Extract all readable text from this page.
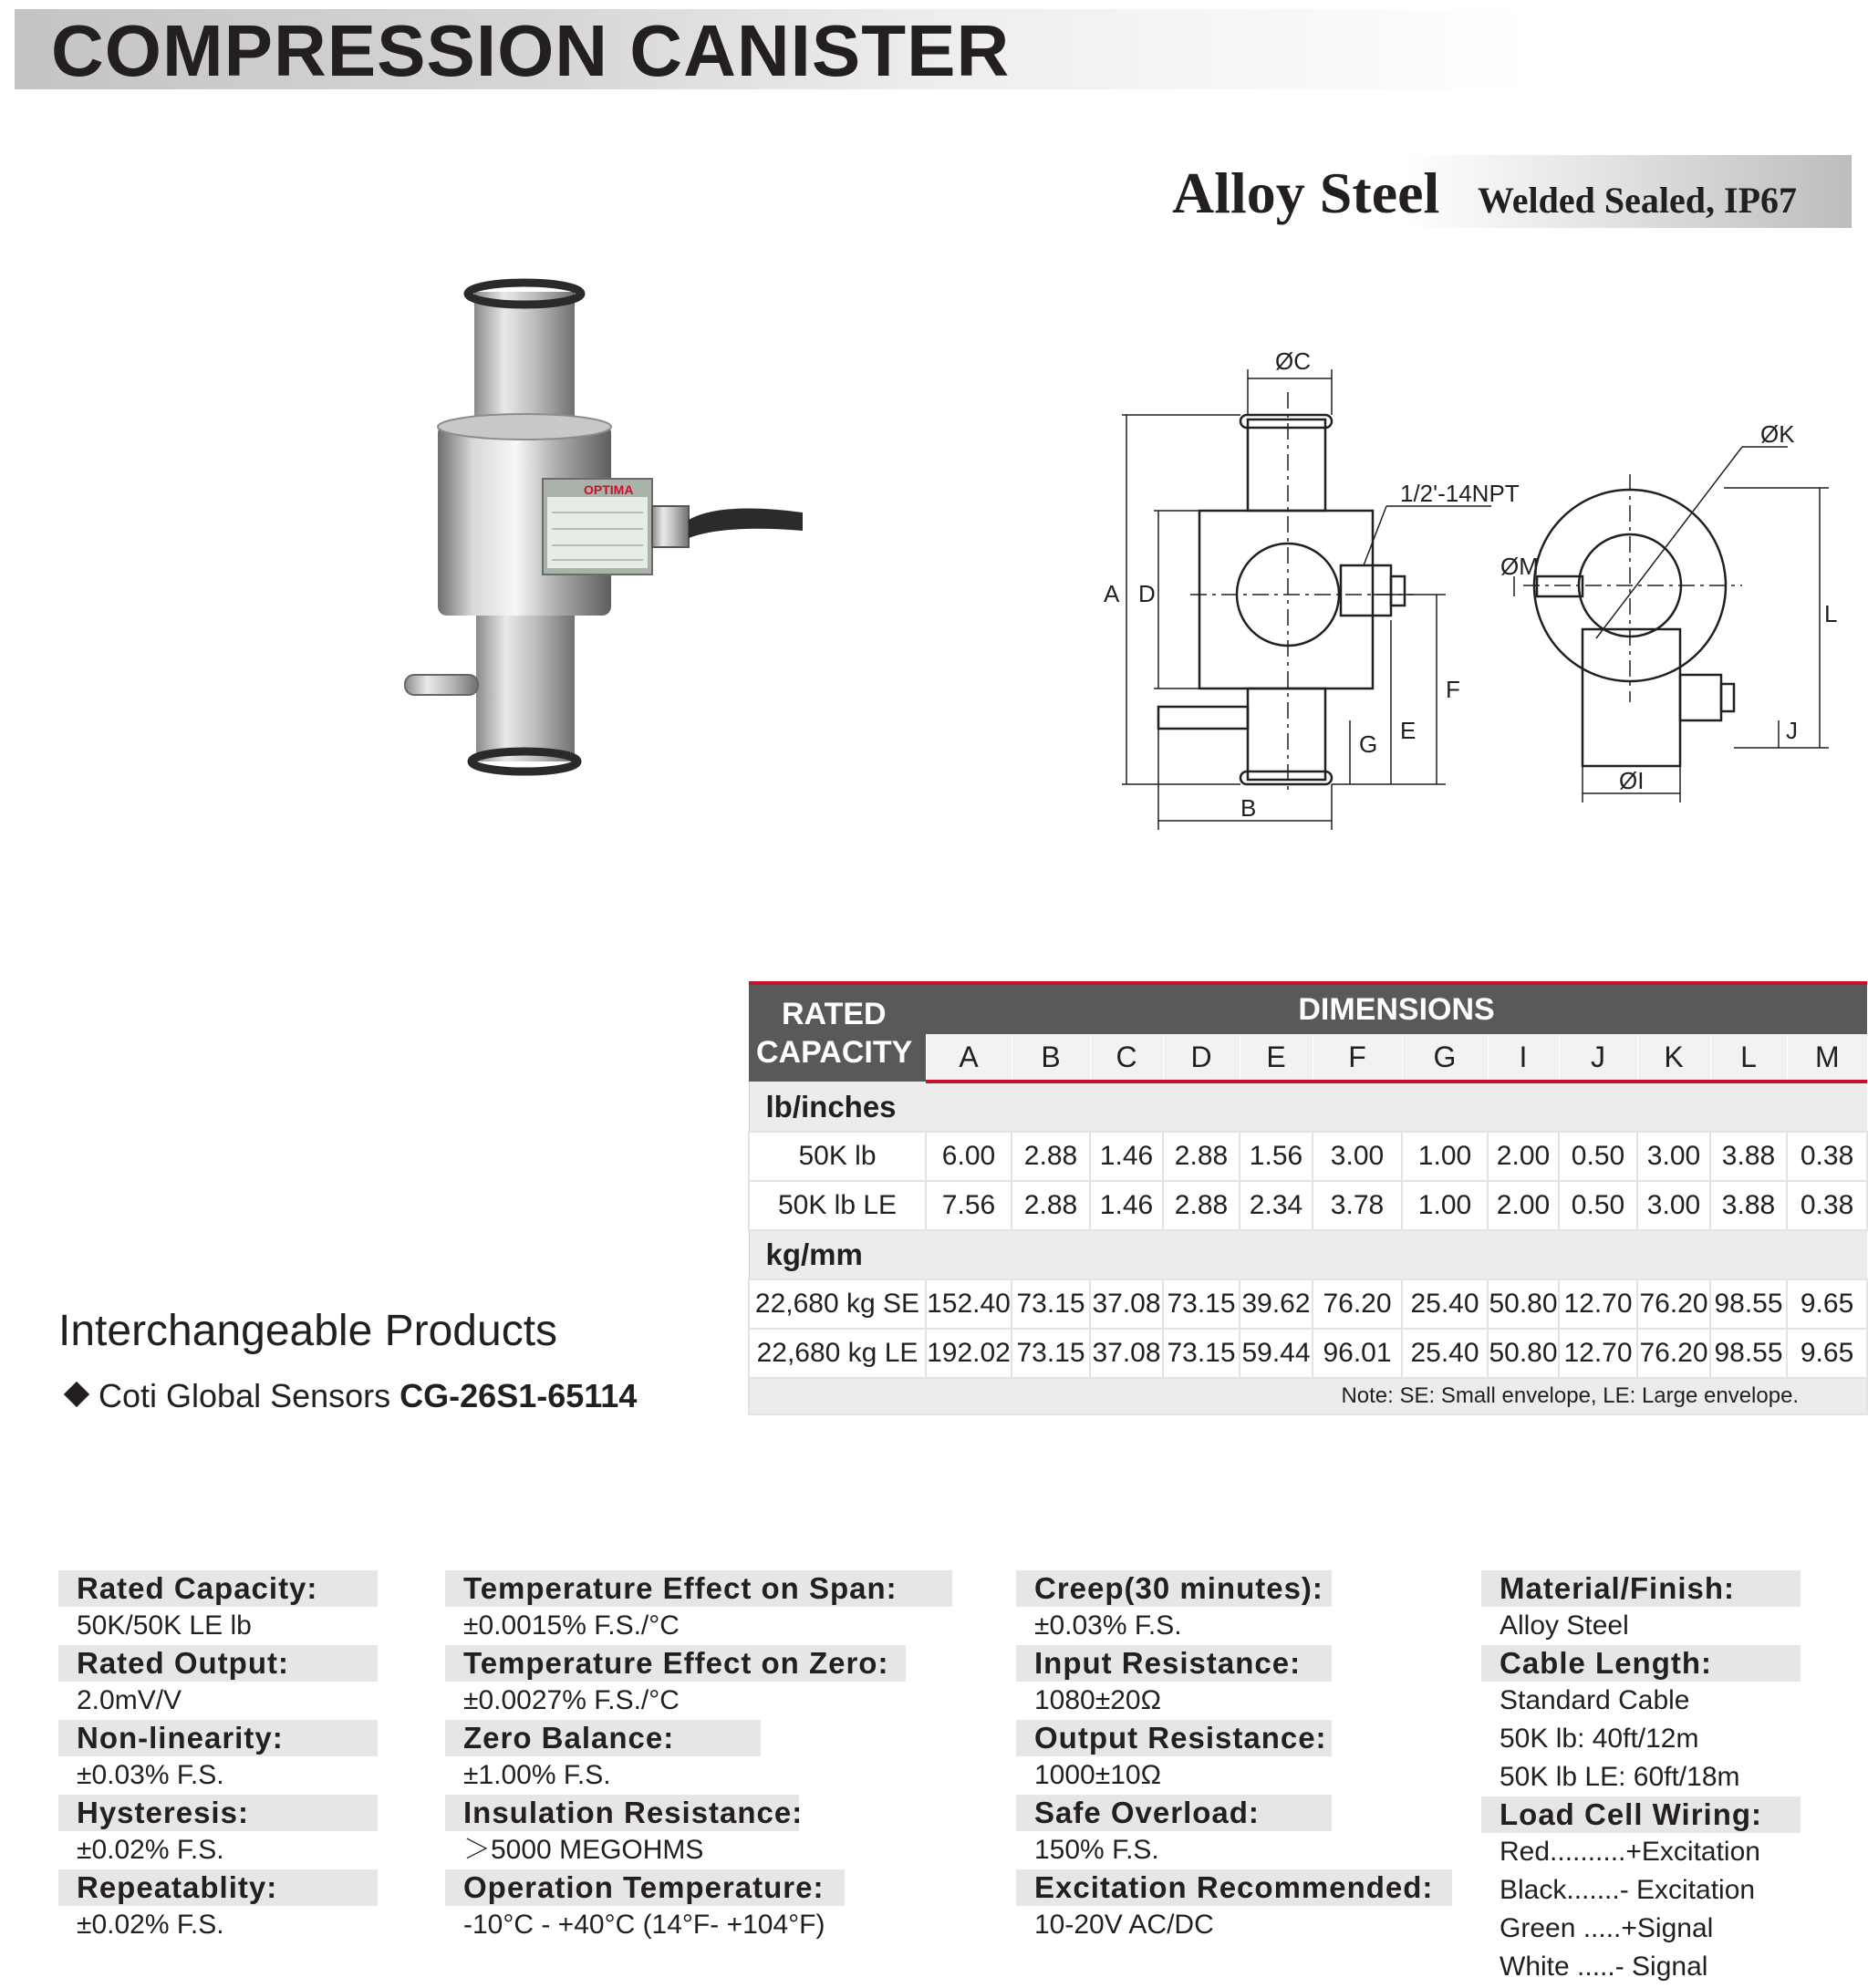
COMPRESSION CANISTER
Alloy Steel Welded Sealed, IP67
OPTIMA
ØC
1/2'-14NPT
ØK
ØM
A D
F
E
G
B
L
J
ØI
RATED
CAPACITY	DIMENSIONS											
	A	B	C	D	E	F	G	I	J	K	L	M
lb/inches												
50K lb	6.00	2.88	1.46	2.88	1.56	3.00	1.00	2.00	0.50	3.00	3.88	0.38
50K lb LE	7.56	2.88	1.46	2.88	2.34	3.78	1.00	2.00	0.50	3.00	3.88	0.38
kg/mm												
22,680 kg SE	152.40	73.15	37.08	73.15	39.62	76.20	25.40	50.80	12.70	76.20	98.55	9.65
22,680 kg LE	192.02	73.15	37.08	73.15	59.44	96.01	25.40	50.80	12.70	76.20	98.55	9.65
Note: SE: Small envelope, LE: Large envelope.												
Interchangeable Products
Coti Global Sensors CG-26S1-65114
Rated Capacity:
50K/50K LE lb
Rated Output:
2.0mV/V
Non-linearity:
±0.03% F.S.
Hysteresis:
±0.02% F.S.
Repeatablity:
±0.02% F.S.
Temperature Effect on Span:
±0.0015% F.S./°C
Temperature Effect on Zero:
±0.0027% F.S./°C
Zero Balance:
±1.00% F.S.
Insulation Resistance:
＞5000 MEGOHMS
Operation Temperature:
-10°C - +40°C (14°F- +104°F)
Creep(30 minutes):
±0.03% F.S.
Input Resistance:
1080±20Ω
Output Resistance:
1000±10Ω
Safe Overload:
150% F.S.
Excitation Recommended:
10-20V AC/DC
Material/Finish:
Alloy Steel
Cable Length:
Standard Cable
50K lb: 40ft/12m
50K lb LE: 60ft/18m
Load Cell Wiring:
Red..........+Excitation
Black.......- Excitation
Green .....+Signal
White .....- Signal
